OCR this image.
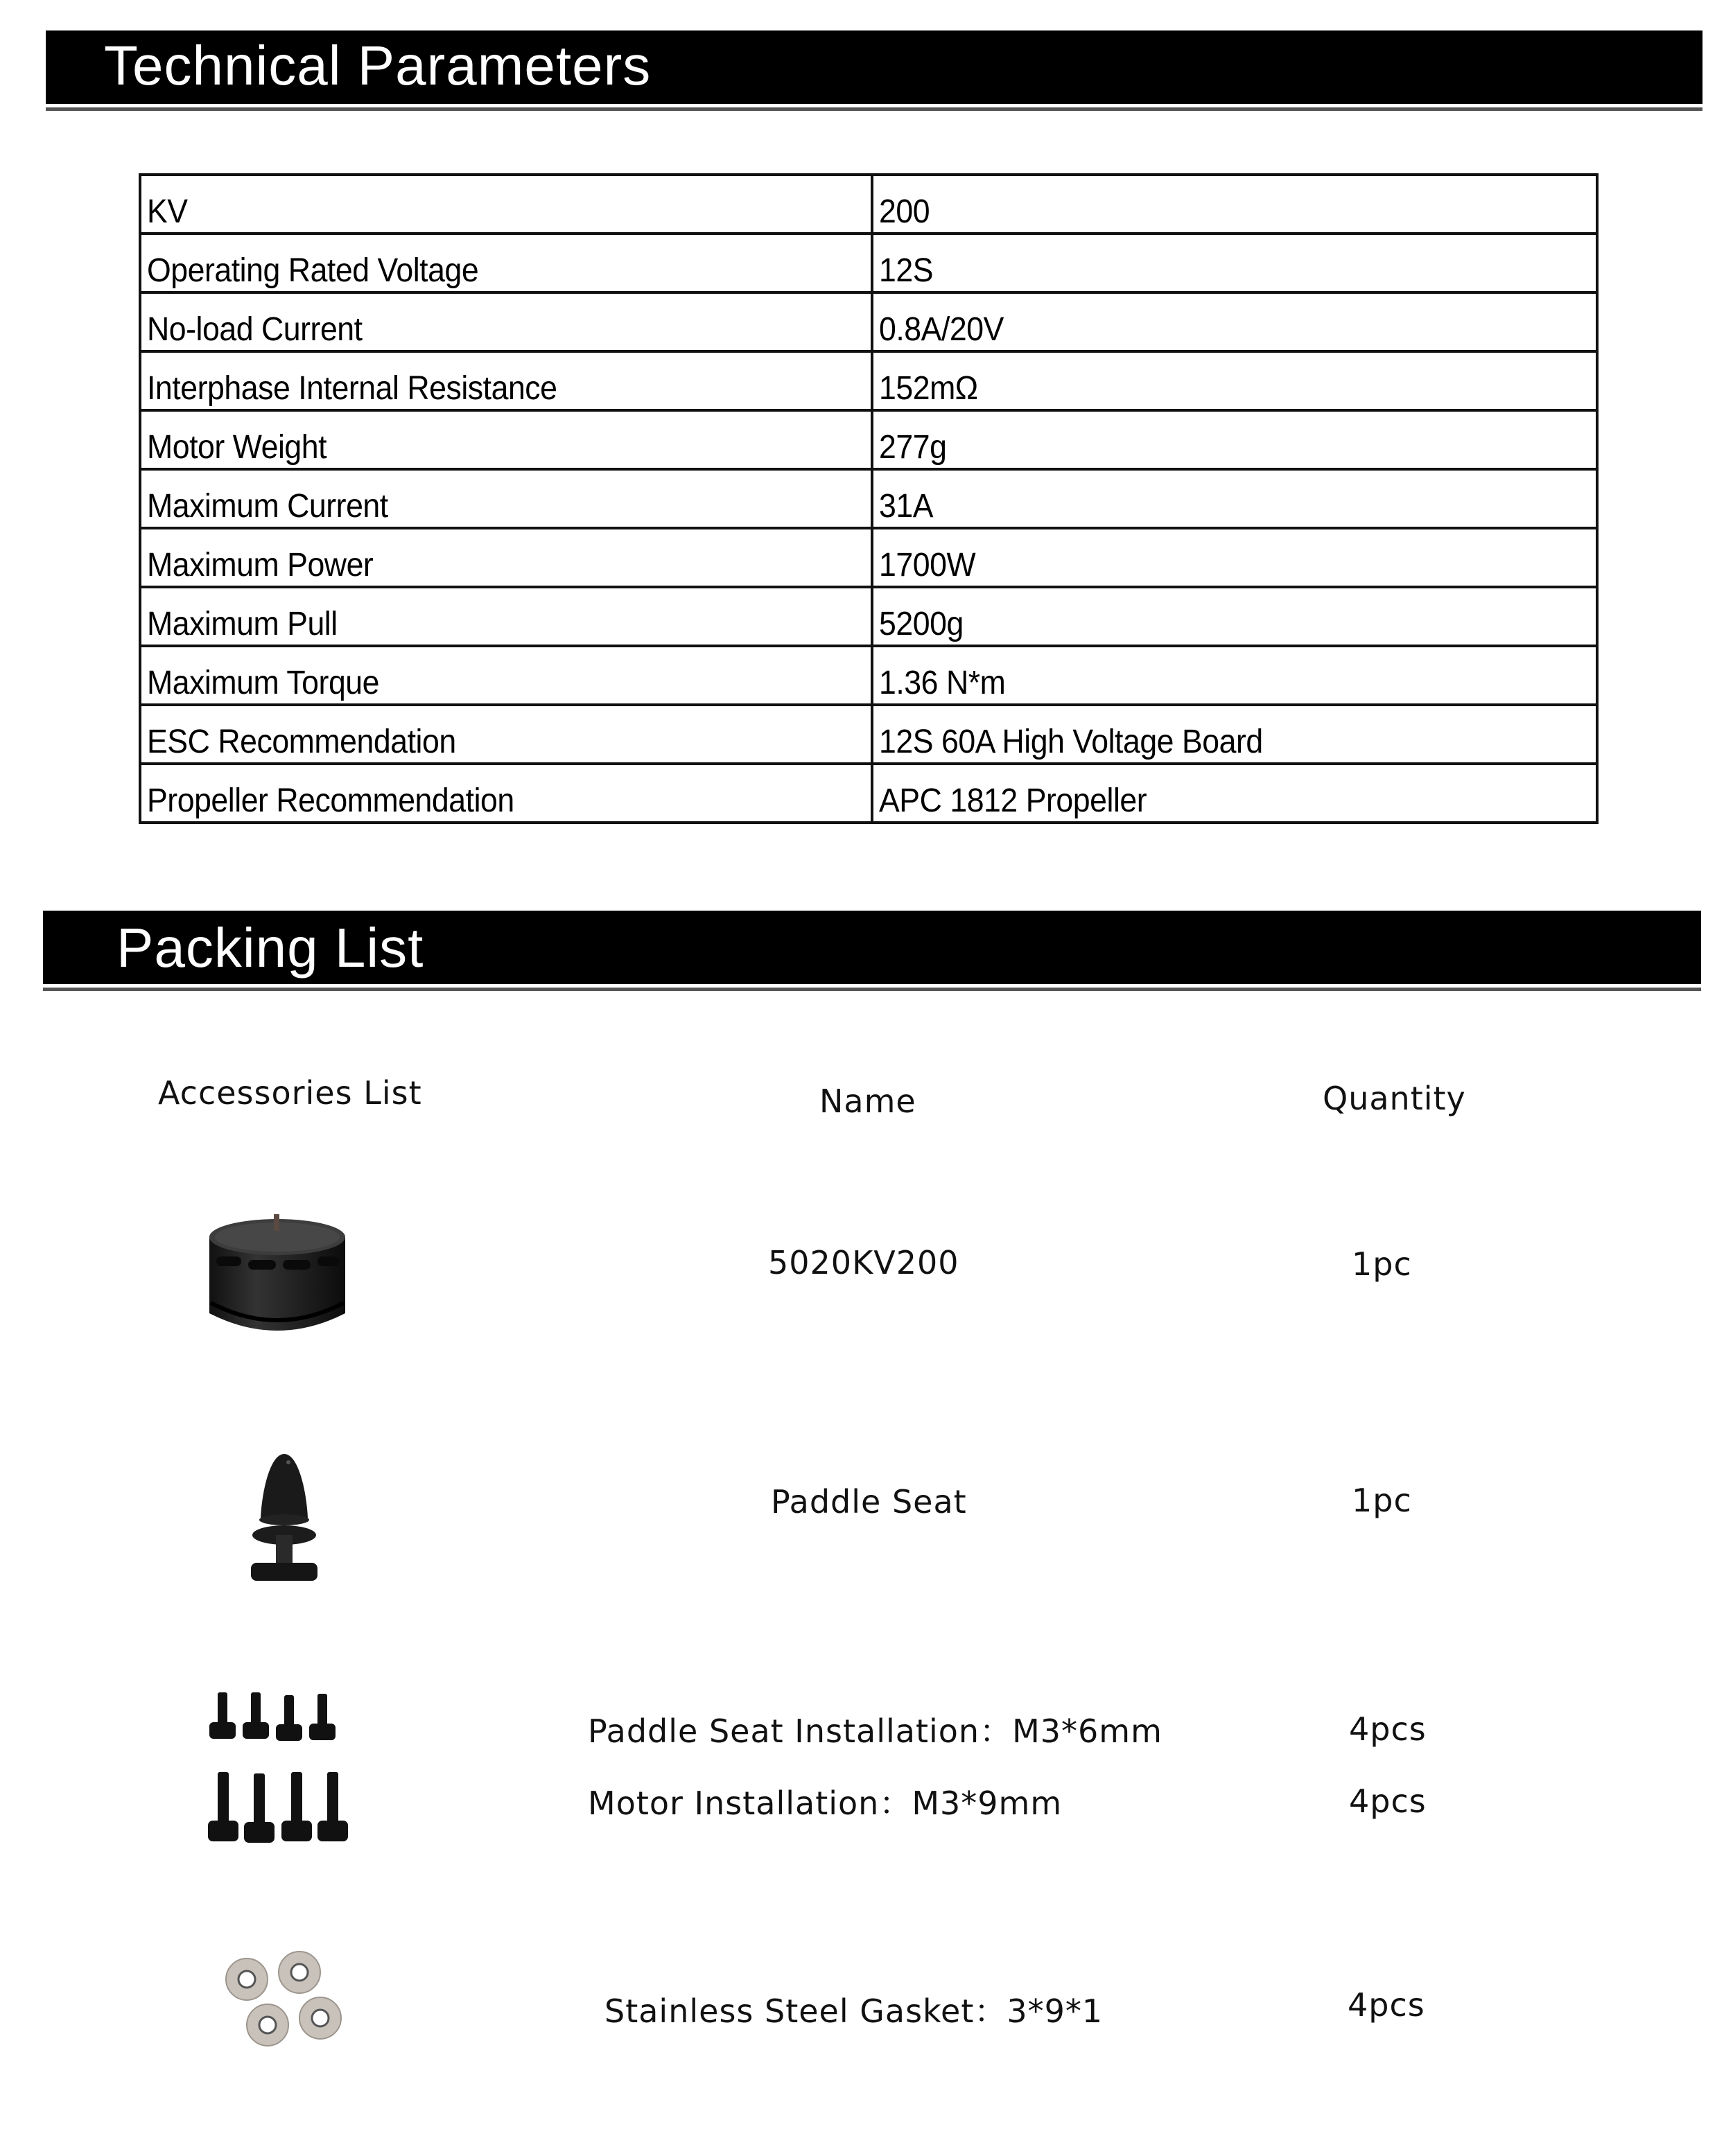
Technical Parameters
KV	200

Operating Rated Voltage	12S

No-load Current	0.8A/20V

Interphase Internal Resistance	152mΩ

Motor Weight	277g

Maximum Current	31A

Maximum Power	1700W

Maximum Pull	5200g

Maximum Torque	1.36 N*m

ESC Recommendation	12S 60A High Voltage Board

Propeller Recommendation	APC 1812 Propeller
Packing List
Accessories List	Name	Quantity
5020KV200	1pc
Paddle Seat	1pc
Paddle Seat Installation：M3*6mm	4pcs
Motor Installation：M3*9mm	4pcs
Stainless Steel Gasket：3*9*1	4pcs
